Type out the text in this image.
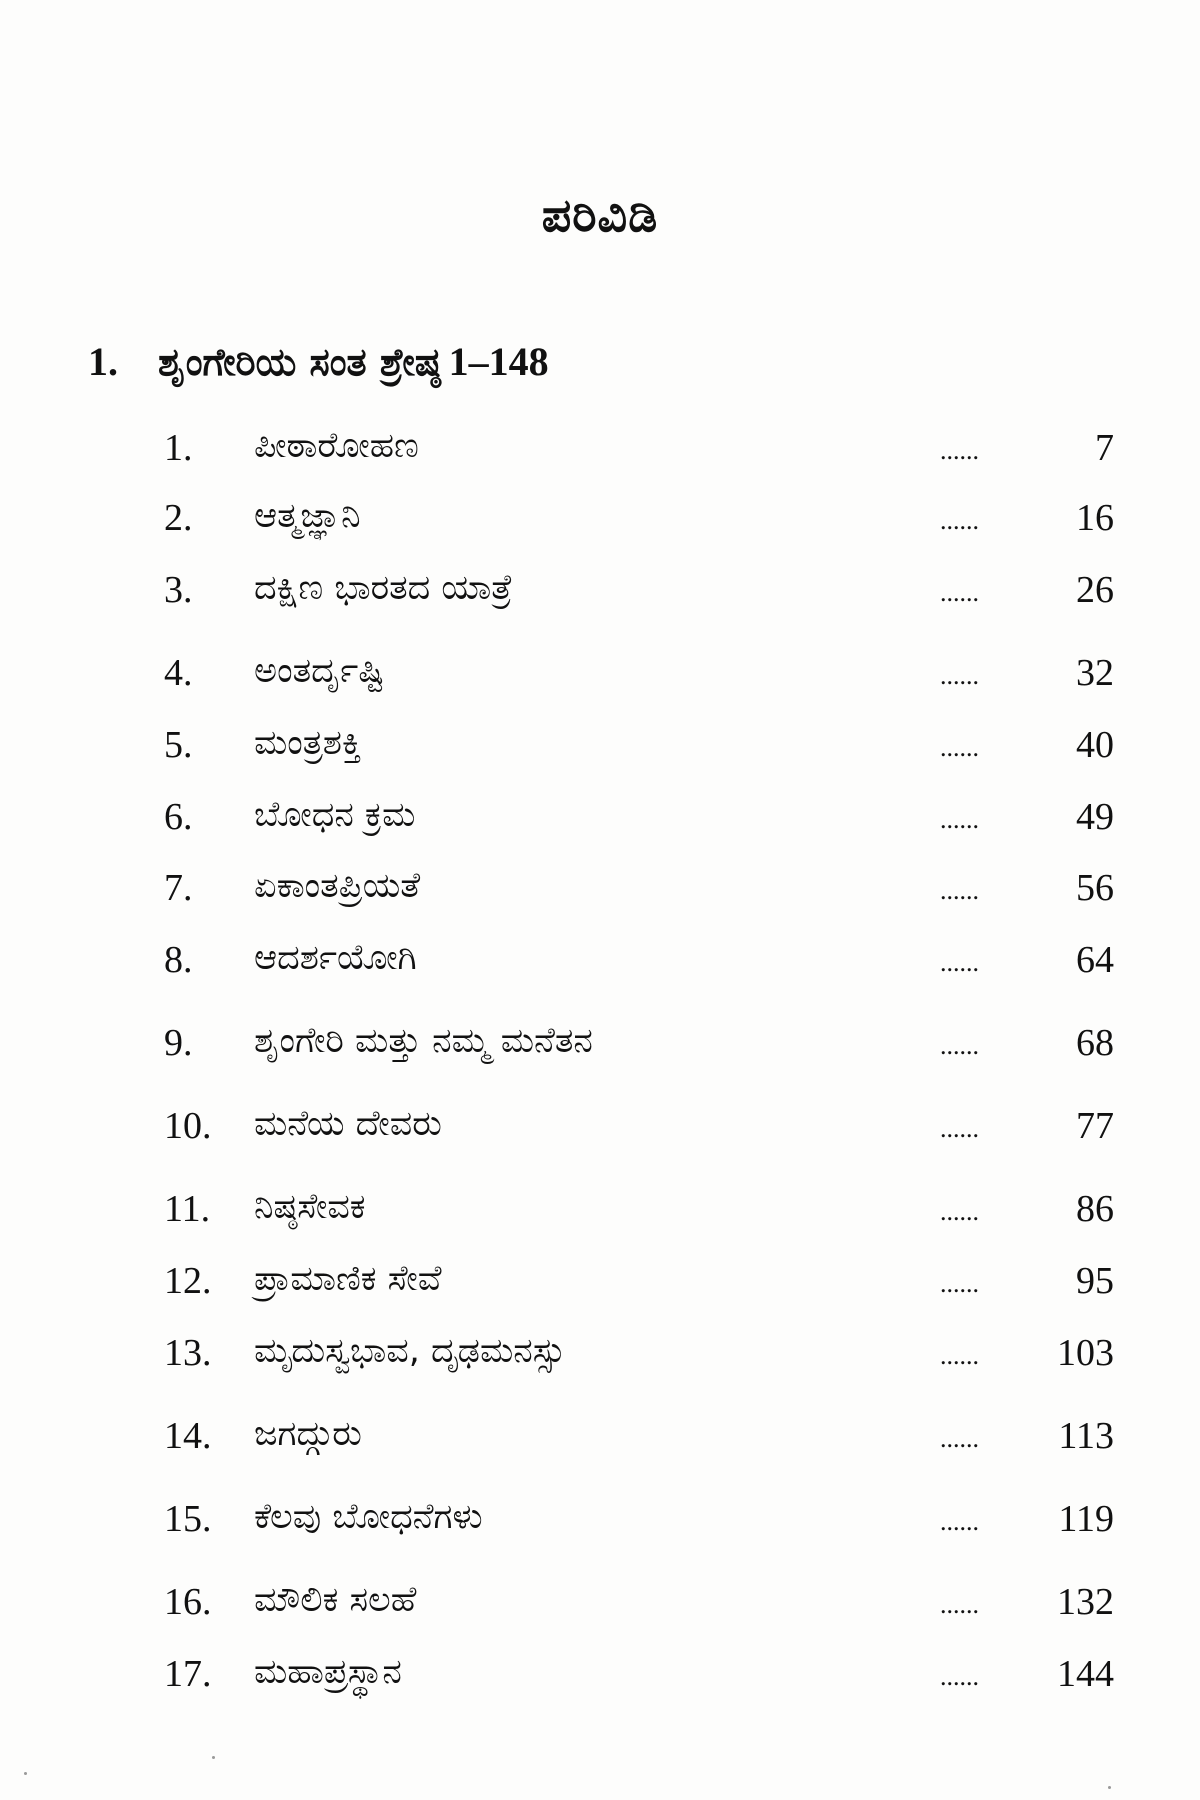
ಪರಿವಿಡಿ
1. ಶೃಂಗೇರಿಯ ಸಂತ ಶ್ರೇಷ್ಠ 1–148
1. ಪೀಠಾರೋಹಣ	......	7
2. ಆತ್ಮಜ್ಞಾನಿ	......	16
3. ದಕ್ಷಿಣ ಭಾರತದ ಯಾತ್ರೆ	......	26
4. ಅಂತರ್ದೃಷ್ಟಿ	......	32
5. ಮಂತ್ರಶಕ್ತಿ	......	40
6. ಬೋಧನ ಕ್ರಮ	......	49
7. ಏಕಾಂತಪ್ರಿಯತೆ	......	56
8. ಆದರ್ಶಯೋಗಿ	......	64
9. ಶೃಂಗೇರಿ ಮತ್ತು ನಮ್ಮ ಮನೆತನ	......	68
10. ಮನೆಯ ದೇವರು	......	77
11. ನಿಷ್ಠಸೇವಕ	......	86
12. ಪ್ರಾಮಾಣಿಕ ಸೇವೆ	......	95
13. ಮೃದುಸ್ವಭಾವ, ದೃಢಮನಸ್ಸು	...... 103
14. ಜಗದ್ಗುರು	...... 113
15. ಕೆಲವು ಬೋಧನೆಗಳು	...... 119
16. ಮೌಲಿಕ ಸಲಹೆ	...... 132
17. ಮಹಾಪ್ರಸ್ಥಾನ	...... 144
